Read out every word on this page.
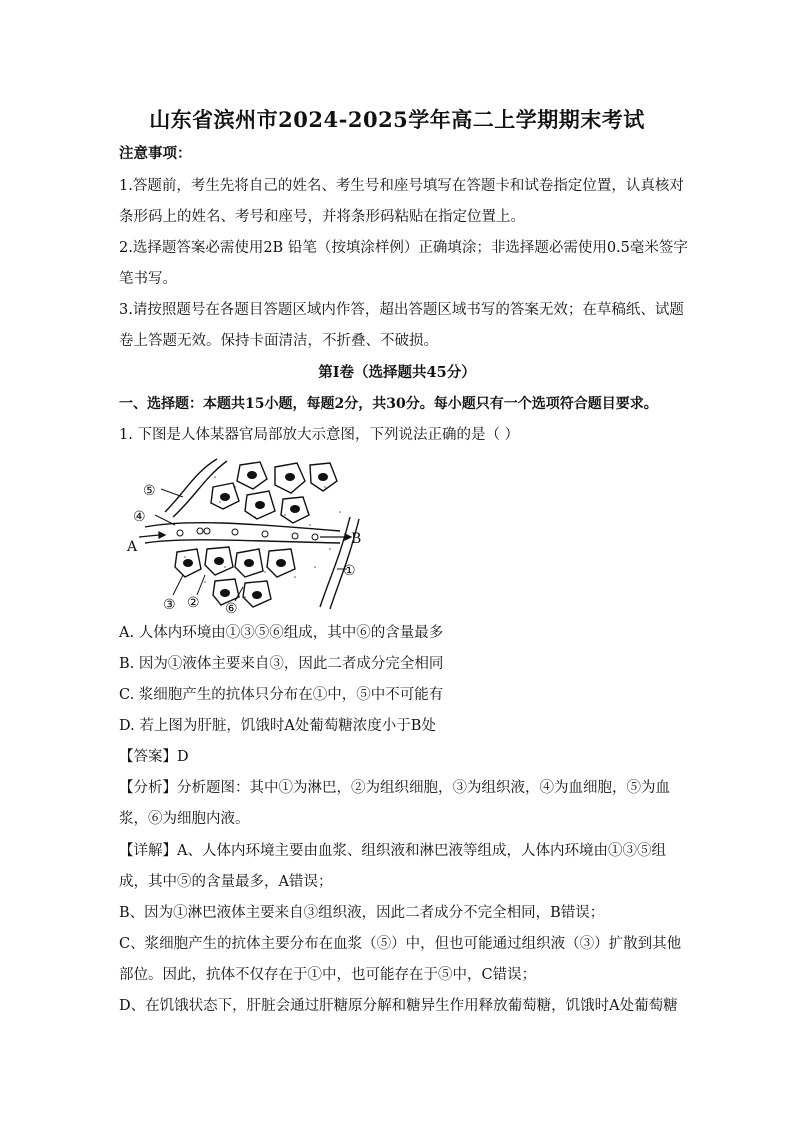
山东省滨州市2024-2025学年高二上学期期末考试
注意事项：
1.答题前，考生先将自己的姓名、考生号和座号填写在答题卡和试卷指定位置，认真核对
条形码上的姓名、考号和座号，并将条形码粘贴在指定位置上。
2.选择题答案必需使用2B 铅笔（按填涂样例）正确填涂；非选择题必需使用0.5毫米签字
笔书写。
3.请按照题号在各题目答题区域内作答，超出答题区域书写的答案无效；在草稿纸、试题
卷上答题无效。保持卡面清洁，不折叠、不破损。
第Ⅰ卷（选择题共45分）
一、选择题：本题共15小题，每题2分，共30分。每小题只有一个选项符合题目要求。
1. 下图是人体某器官局部放大示意图，下列说法正确的是（ ）
⑤
④
A	B
①
③ ② ⑥
A. 人体内环境由①③⑤⑥组成，其中⑥的含量最多
B. 因为①液体主要来自③，因此二者成分完全相同
C. 浆细胞产生的抗体只分布在①中，⑤中不可能有
D. 若上图为肝脏，饥饿时A处葡萄糖浓度小于B处
【答案】D
【分析】分析题图：其中①为淋巴，②为组织细胞，③为组织液，④为血细胞，⑤为血
浆，⑥为细胞内液。
【详解】A、人体内环境主要由血浆、组织液和淋巴液等组成，人体内环境由①③⑤组
成，其中⑤的含量最多，A错误；
B、因为①淋巴液体主要来自③组织液，因此二者成分不完全相同，B错误；
C、浆细胞产生的抗体主要分布在血浆（⑤）中，但也可能通过组织液（③）扩散到其他
部位。因此，抗体不仅存在于①中，也可能存在于⑤中，C错误；
D、在饥饿状态下，肝脏会通过肝糖原分解和糖异生作用释放葡萄糖，饥饿时A处葡萄糖
